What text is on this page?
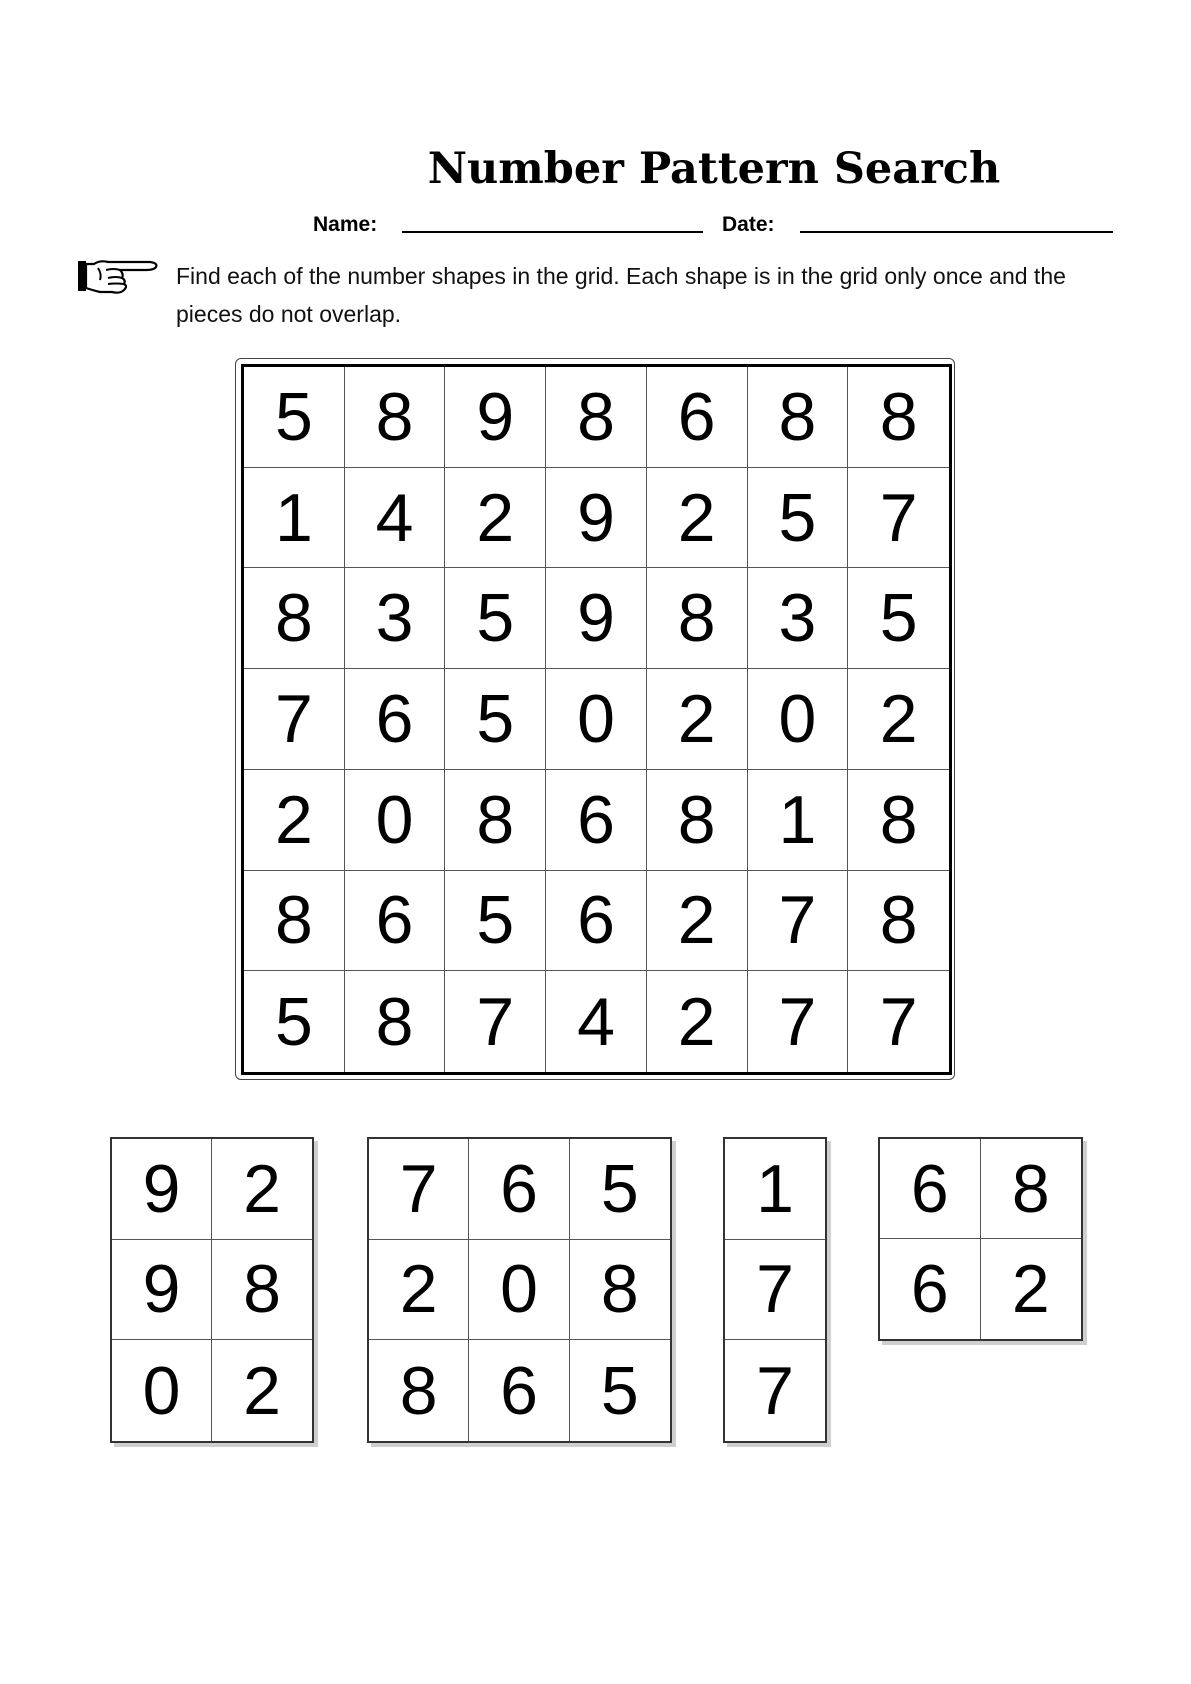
Number Pattern Search
Name:	Date:
Find each of the number shapes in the grid. Each shape is in the grid only once and the pieces do not overlap.
5 8 9 8 6 8 8
1 4 2 9 2 5 7
8 3 5 9 8 3 5
7 6 5 0 2 0 2
2 0 8 6 8 1 8
8 6 5 6 2 7 8
5 8 7 4 2 7 7
9 2
9 8
0 2
7 6 5
2 0 8
8 6 5
1
7
7
6 8
6 2
